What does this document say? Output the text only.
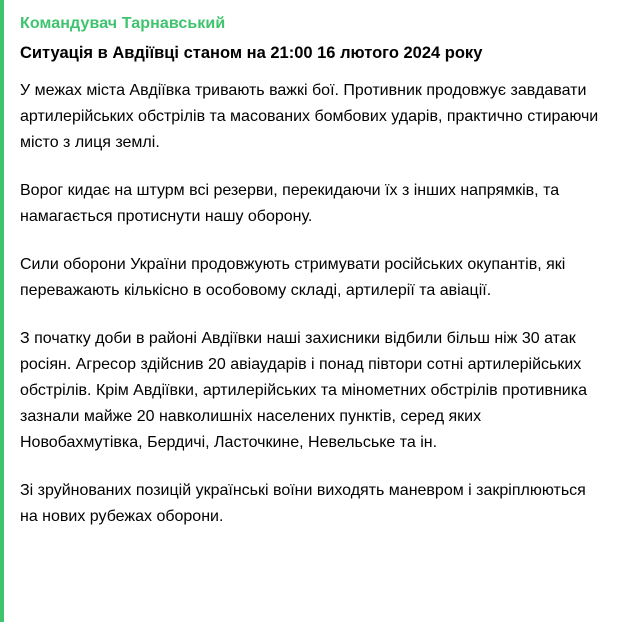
Командувач Тарнавський
Ситуація в Авдіївці станом на 21:00 16 лютого 2024 року

У межах міста Авдіївка тривають важкі бої. Противник продовжує завдавати артилерійських обстрілів та масованих бомбових ударів, практично стираючи місто з лиця землі.

Ворог кидає на штурм всі резерви, перекидаючи їх з інших напрямків, та намагається протиснути нашу оборону.

Сили оборони України продовжують стримувати російських окупантів, які переважають кількісно в особовому складі, артилерії та авіації.

З початку доби в районі Авдіївки наші захисники відбили більш ніж 30 атак росіян. Агресор здійснив 20 авіаударів і понад півтори сотні артилерійських обстрілів. Крім Авдіївки, артилерійських та мінометних обстрілів противника зазнали майже 20 навколишніх населених пунктів, серед яких Новобахмутівка, Бердичі, Ласточкине, Невельське та ін.

Зі зруйнованих позицій українські воїни виходять маневром і закріплюються на нових рубежах оборони.
